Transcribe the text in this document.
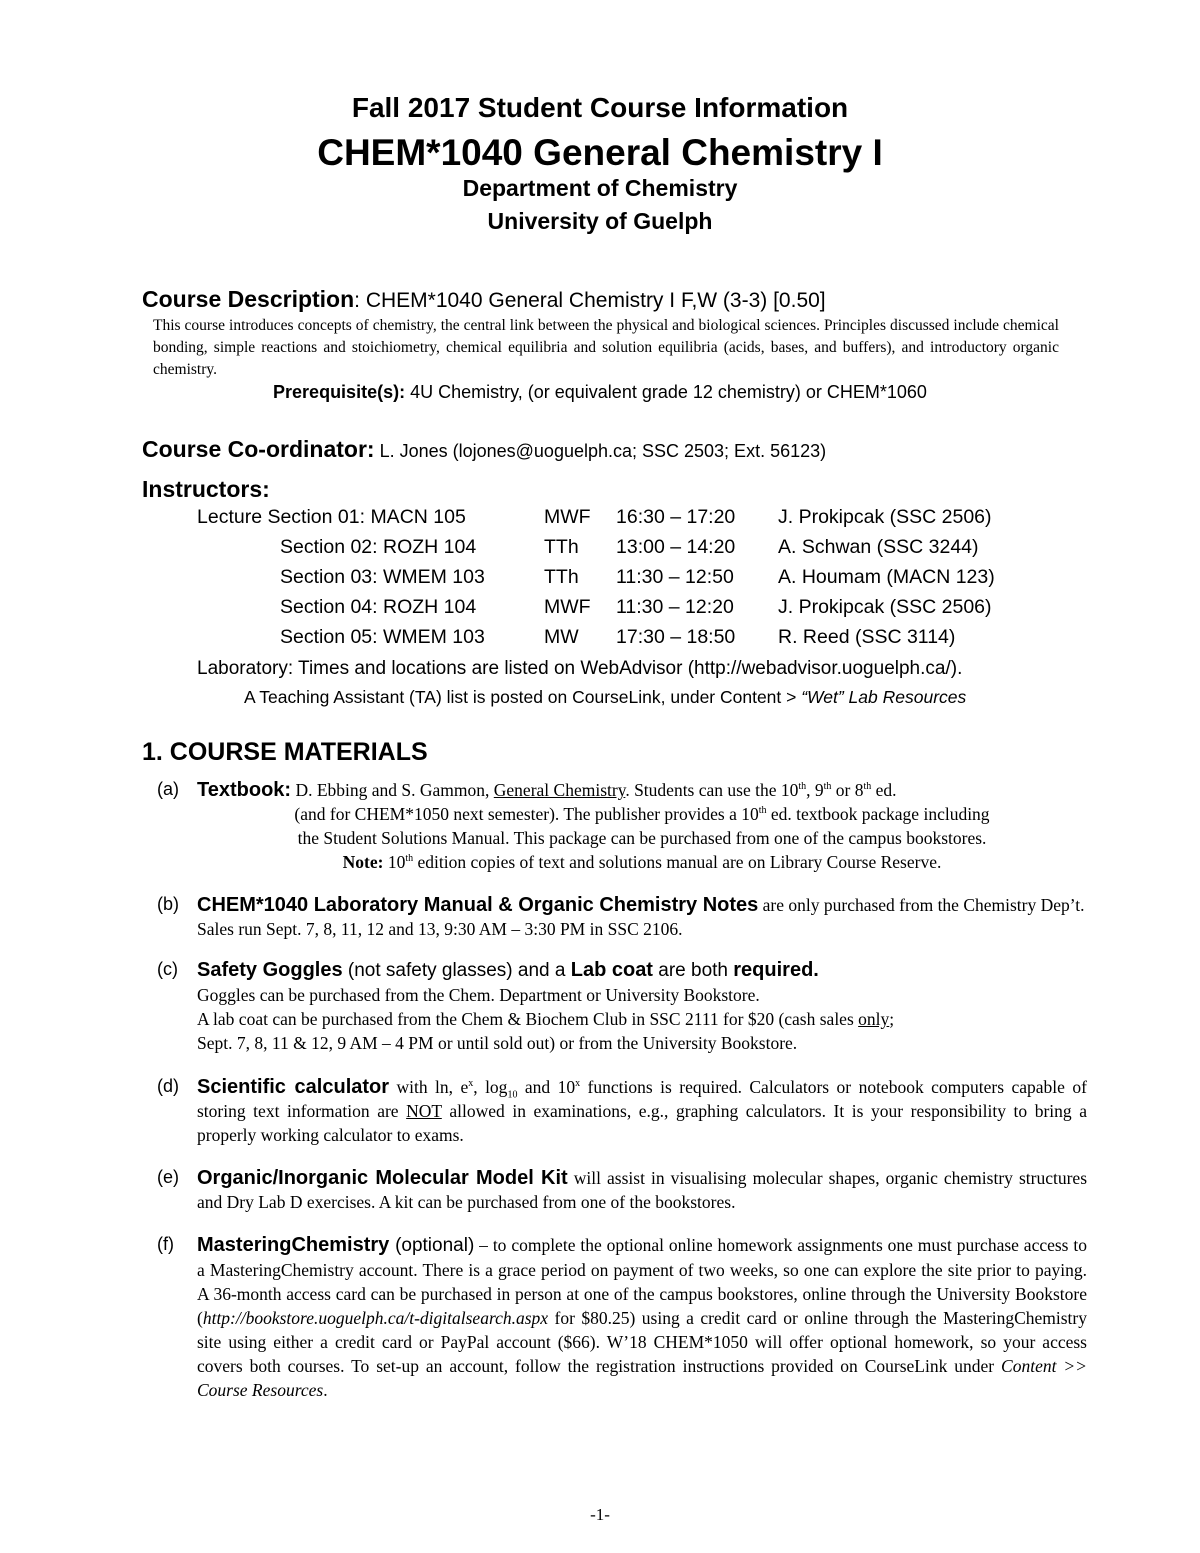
Fall 2017 Student Course Information
CHEM*1040 General Chemistry I
Department of Chemistry
University of Guelph
Course Description: CHEM*1040 General Chemistry I F,W (3-3) [0.50]
This course introduces concepts of chemistry, the central link between the physical and biological sciences. Principles discussed include chemical bonding, simple reactions and stoichiometry, chemical equilibria and solution equilibria (acids, bases, and buffers), and introductory organic chemistry.
Prerequisite(s): 4U Chemistry, (or equivalent grade 12 chemistry) or CHEM*1060
Course Co-ordinator: L. Jones (lojones@uoguelph.ca; SSC 2503; Ext. 56123)
Instructors:
Lecture Section 01: MACN 105	MWF 16:30 – 17:20 J. Prokipcak (SSC 2506)
Section 02: ROZH 104	TTh 13:00 – 14:20 A. Schwan (SSC 3244)
Section 03: WMEM 103	TTh 11:30 – 12:50 A. Houmam (MACN 123)
Section 04: ROZH 104	MWF 11:30 – 12:20 J. Prokipcak (SSC 2506)
Section 05: WMEM 103	MW 17:30 – 18:50 R. Reed (SSC 3114)
Laboratory: Times and locations are listed on WebAdvisor (http://webadvisor.uoguelph.ca/).
A Teaching Assistant (TA) list is posted on CourseLink, under Content > “Wet” Lab Resources
1. COURSE MATERIALS
(a) Textbook: D. Ebbing and S. Gammon, General Chemistry. Students can use the 10th, 9th or 8th ed.
(and for CHEM*1050 next semester). The publisher provides a 10th ed. textbook package including
the Student Solutions Manual. This package can be purchased from one of the campus bookstores.
Note: 10th edition copies of text and solutions manual are on Library Course Reserve.
(b) CHEM*1040 Laboratory Manual & Organic Chemistry Notes are only purchased from the Chemistry Dep’t. Sales run Sept. 7, 8, 11, 12 and 13, 9:30 AM – 3:30 PM in SSC 2106.
(c) Safety Goggles (not safety glasses) and a Lab coat are both required.
Goggles can be purchased from the Chem. Department or University Bookstore.
A lab coat can be purchased from the Chem & Biochem Club in SSC 2111 for $20 (cash sales only;
Sept. 7, 8, 11 & 12, 9 AM – 4 PM or until sold out) or from the University Bookstore.
(d) Scientific calculator with ln, $e^x$, $\log_{10}$ and 10$^x$ functions is required. Calculators or notebook computers capable of storing text information are NOT allowed in examinations, e.g., graphing calculators. It is your responsibility to bring a properly working calculator to exams.
(e) Organic/Inorganic Molecular Model Kit will assist in visualising molecular shapes, organic chemistry structures and Dry Lab D exercises. A kit can be purchased from one of the bookstores.
(f) MasteringChemistry (optional) – to complete the optional online homework assignments one must purchase access to a MasteringChemistry account. There is a grace period on payment of two weeks, so one can explore the site prior to paying. A 36-month access card can be purchased in person at one of the campus bookstores, online through the University Bookstore (http://bookstore.uoguelph.ca/t-digitalsearch.aspx for $80.25) using a credit card or online through the MasteringChemistry site using either a credit card or PayPal account ($66). W’18 CHEM*1050 will offer optional homework, so your access covers both courses. To set-up an account, follow the registration instructions provided on CourseLink under Content >> Course Resources.
-1-
